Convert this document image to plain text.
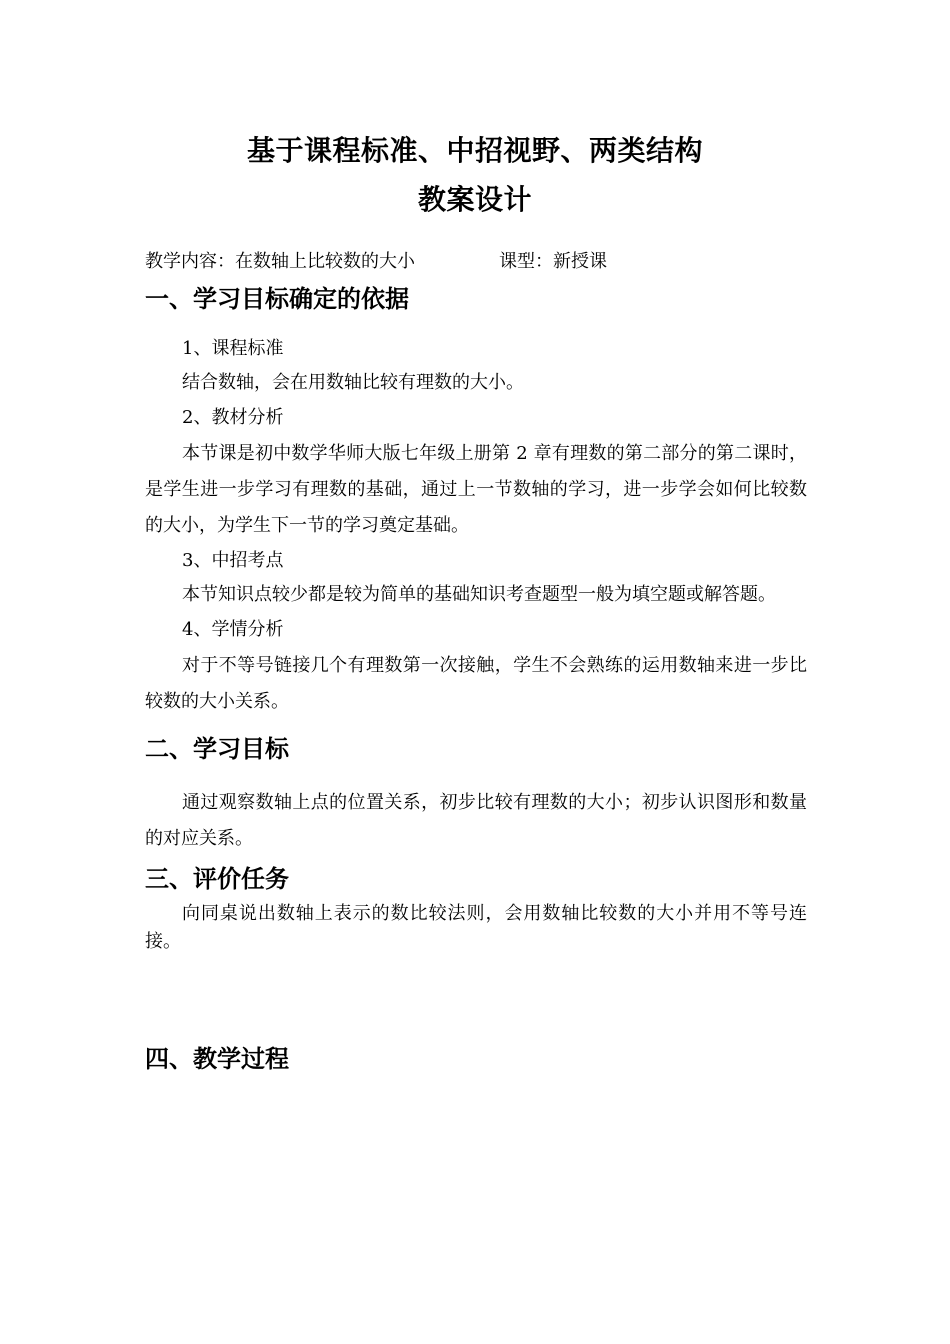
基于课程标准、中招视野、两类结构
教案设计
教学内容：在数轴上比较数的大小	课型：新授课
一、学习目标确定的依据
1、课程标准

结合数轴，会在用数轴比较有理数的大小。

2、教材分析

本节课是初中数学华师大版七年级上册第 2 章有理数的第二部分的第二课时，是学生进一步学习有理数的基础，通过上一节数轴的学习，进一步学会如何比较数的大小，为学生下一节的学习奠定基础。

3、中招考点

本节知识点较少都是较为简单的基础知识考查题型一般为填空题或解答题。

4、学情分析

对于不等号链接几个有理数第一次接触，学生不会熟练的运用数轴来进一步比较数的大小关系。

二、学习目标

通过观察数轴上点的位置关系，初步比较有理数的大小；初步认识图形和数量的对应关系。

三、评价任务

向同桌说出数轴上表示的数比较法则，会用数轴比较数的大小并用不等号连接。

四、教学过程
